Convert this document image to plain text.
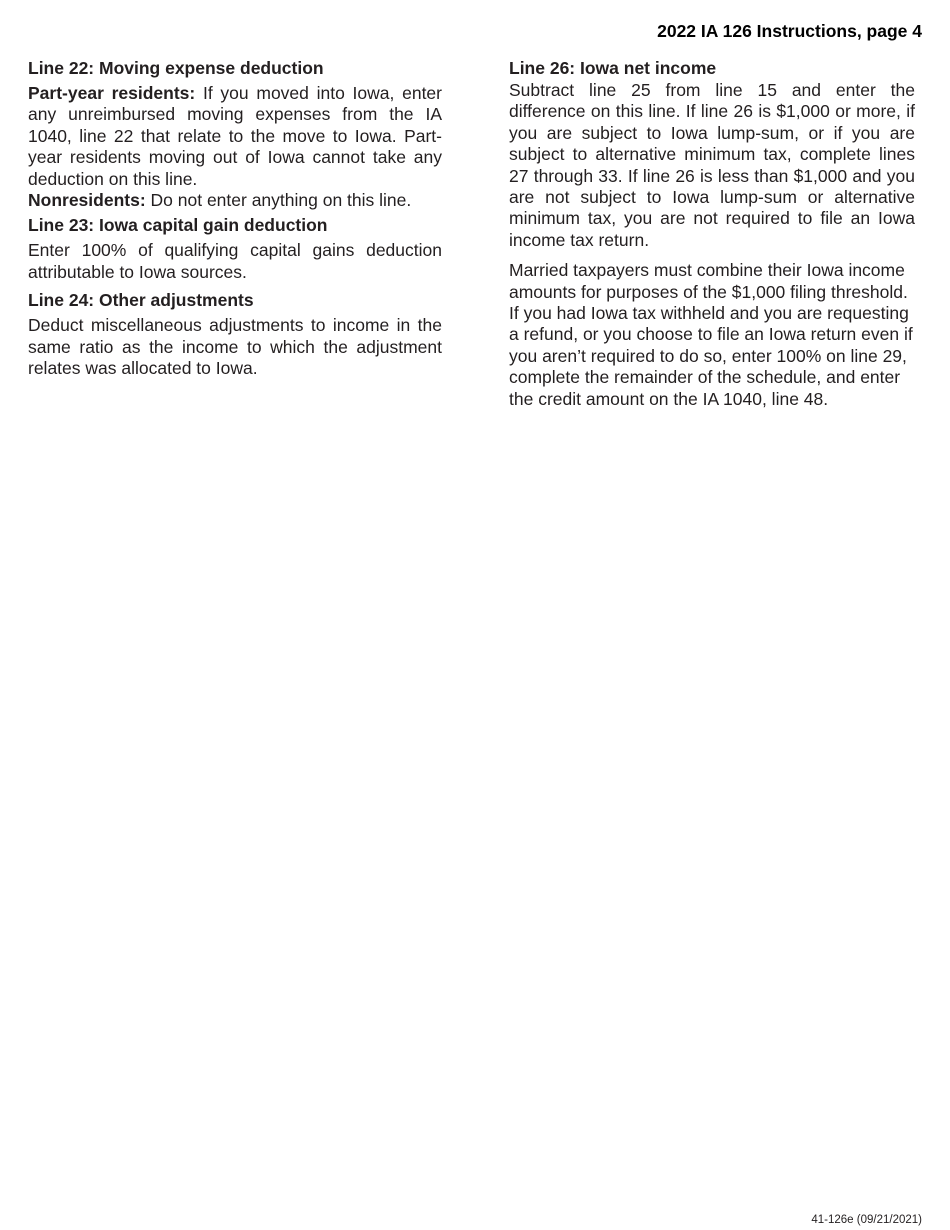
2022 IA 126 Instructions, page 4
Line 22: Moving expense deduction

Part-year residents: If you moved into Iowa, enter any unreimbursed moving expenses from the IA 1040, line 22 that relate to the move to Iowa. Part-year residents moving out of Iowa cannot take any deduction on this line.

Nonresidents: Do not enter anything on this line.

Line 23: Iowa capital gain deduction

Enter 100% of qualifying capital gains deduction attributable to Iowa sources.

Line 24: Other adjustments

Deduct miscellaneous adjustments to income in the same ratio as the income to which the adjustment relates was allocated to Iowa.

Line 26: Iowa net income

Subtract line 25 from line 15 and enter the difference on this line. If line 26 is $1,000 or more, if you are subject to Iowa lump-sum, or if you are subject to alternative minimum tax, complete lines 27 through 33. If line 26 is less than $1,000 and you are not subject to Iowa lump-sum or alternative minimum tax, you are not required to file an Iowa income tax return.

Married taxpayers must combine their Iowa income amounts for purposes of the $1,000 filing threshold. If you had Iowa tax withheld and you are requesting a refund, or you choose to file an Iowa return even if you aren’t required to do so, enter 100% on line 29, complete the remainder of the schedule, and enter the credit amount on the IA 1040, line 48.

41-126e (09/21/2021)
